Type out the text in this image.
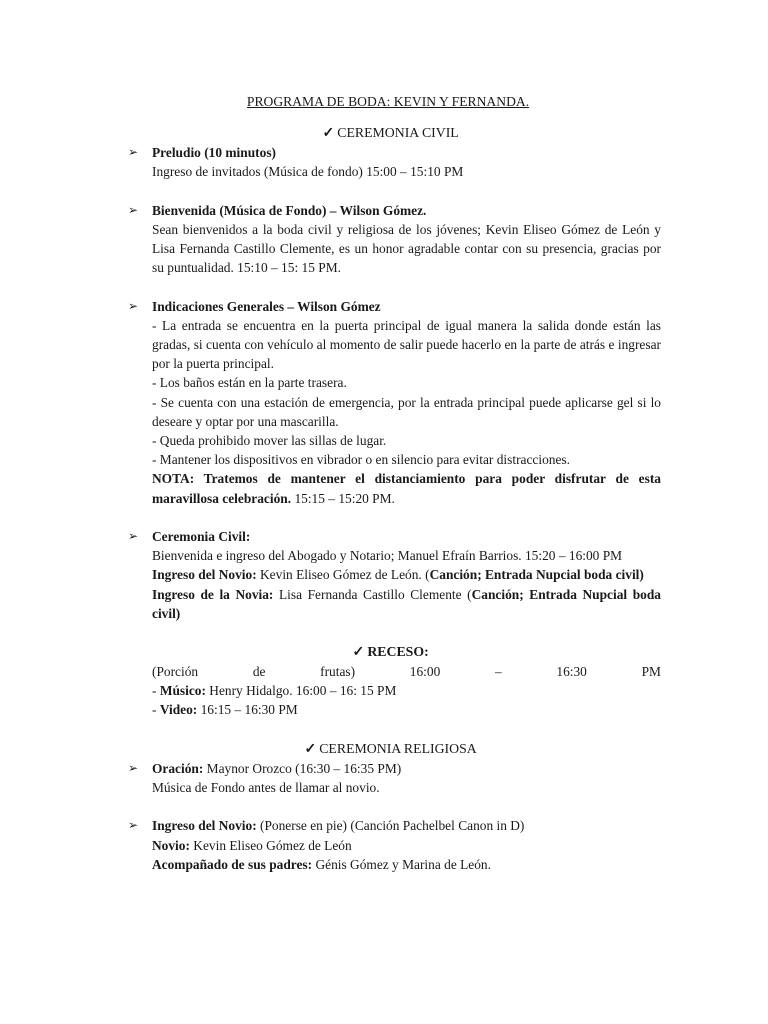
PROGRAMA DE BODA: KEVIN Y FERNANDA.
✓ CEREMONIA CIVIL
➢ Preludio (10 minutos)
Ingreso de invitados (Música de fondo) 15:00 – 15:10 PM
➢ Bienvenida (Música de Fondo) – Wilson Gómez.
Sean bienvenidos a la boda civil y religiosa de los jóvenes; Kevin Eliseo Gómez de León y Lisa Fernanda Castillo Clemente, es un honor agradable contar con su presencia, gracias por su puntualidad. 15:10 – 15: 15 PM.
➢ Indicaciones Generales – Wilson Gómez
- La entrada se encuentra en la puerta principal de igual manera la salida donde están las gradas, si cuenta con vehículo al momento de salir puede hacerlo en la parte de atrás e ingresar por la puerta principal.
- Los baños están en la parte trasera.
- Se cuenta con una estación de emergencia, por la entrada principal puede aplicarse gel si lo deseare y optar por una mascarilla.
- Queda prohibido mover las sillas de lugar.
- Mantener los dispositivos en vibrador o en silencio para evitar distracciones.
NOTA: Tratemos de mantener el distanciamiento para poder disfrutar de esta maravillosa celebración. 15:15 – 15:20 PM.
➢ Ceremonia Civil:
Bienvenida e ingreso del Abogado y Notario; Manuel Efraín Barrios. 15:20 – 16:00 PM
Ingreso del Novio: Kevin Eliseo Gómez de León. (Canción; Entrada Nupcial boda civil)
Ingreso de la Novia: Lisa Fernanda Castillo Clemente (Canción; Entrada Nupcial boda civil)
✓ RECESO:
(Porción	de	frutas)	16:00	–	16:30	PM
- Músico: Henry Hidalgo. 16:00 – 16: 15 PM
- Video: 16:15 – 16:30 PM
✓ CEREMONIA RELIGIOSA
➢ Oración: Maynor Orozco (16:30 – 16:35 PM)
Música de Fondo antes de llamar al novio.
➢ Ingreso del Novio: (Ponerse en pie) (Canción Pachelbel Canon in D)
Novio: Kevin Eliseo Gómez de León
Acompañado de sus padres: Génis Gómez y Marina de León.
